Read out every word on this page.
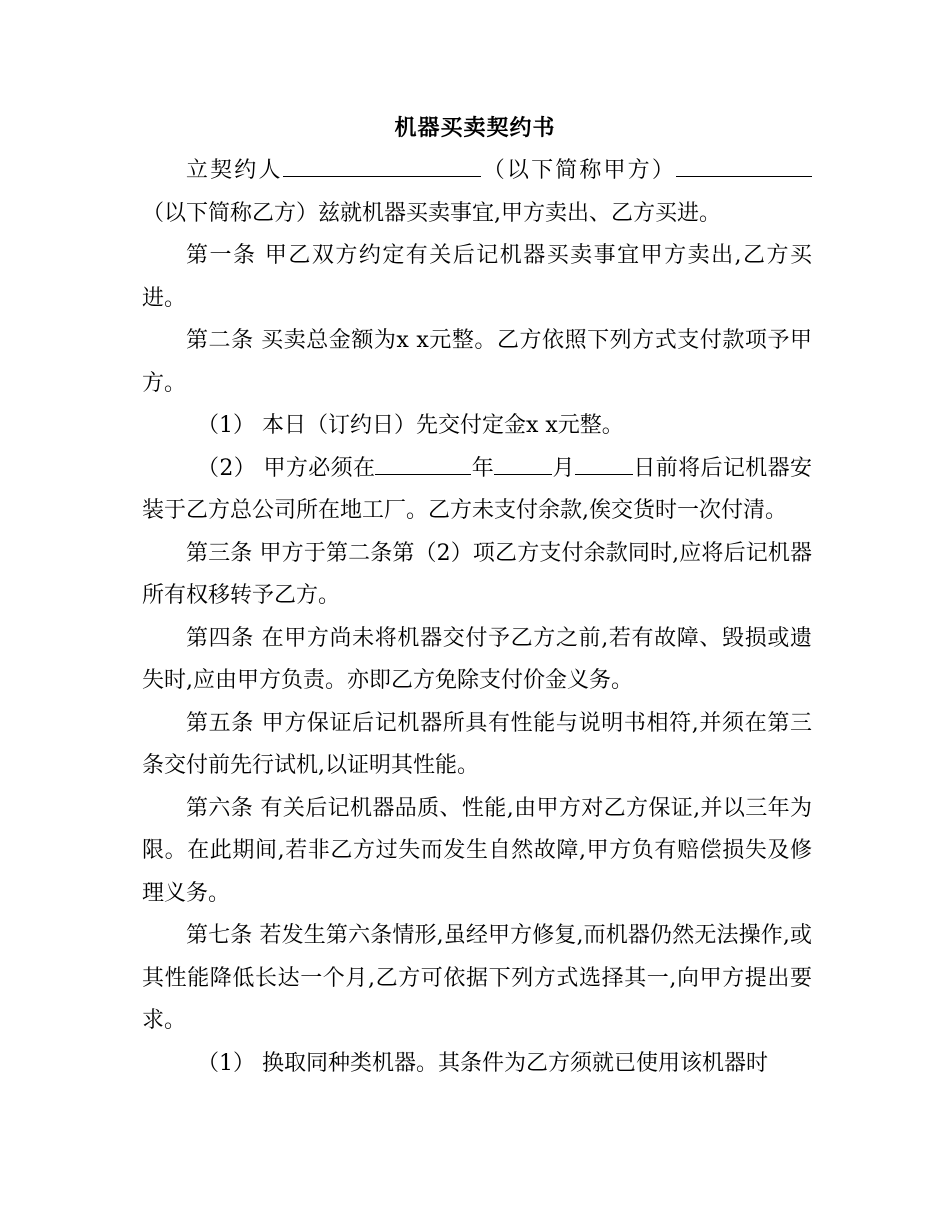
机器买卖契约书

立契约人	（以下简称甲方）（以下简称乙方）兹就机器买卖事宜,甲方卖出、乙方买进。

第一条 甲乙双方约定有关后记机器买卖事宜甲方卖出,乙方买进。

第二条 买卖总金额为x x元整。乙方依照下列方式支付款项予甲方。

（1） 本日（订约日）先交付定金x x元整。

（2） 甲方必须在	年	月	日前将后记机器安装于乙方总公司所在地工厂。乙方未支付余款,俟交货时一次付清。

第三条 甲方于第二条第（2）项乙方支付余款同时,应将后记机器所有权移转予乙方。

第四条 在甲方尚未将机器交付予乙方之前,若有故障、毁损或遗失时,应由甲方负责。亦即乙方免除支付价金义务。

第五条 甲方保证后记机器所具有性能与说明书相符,并须在第三条交付前先行试机,以证明其性能。

第六条 有关后记机器品质、性能,由甲方对乙方保证,并以三年为限。在此期间,若非乙方过失而发生自然故障,甲方负有赔偿损失及修理义务。

第七条 若发生第六条情形,虽经甲方修复,而机器仍然无法操作,或其性能降低长达一个月,乙方可依据下列方式选择其一,向甲方提出要求。

（1） 换取同种类机器。其条件为乙方须就已使用该机器时
